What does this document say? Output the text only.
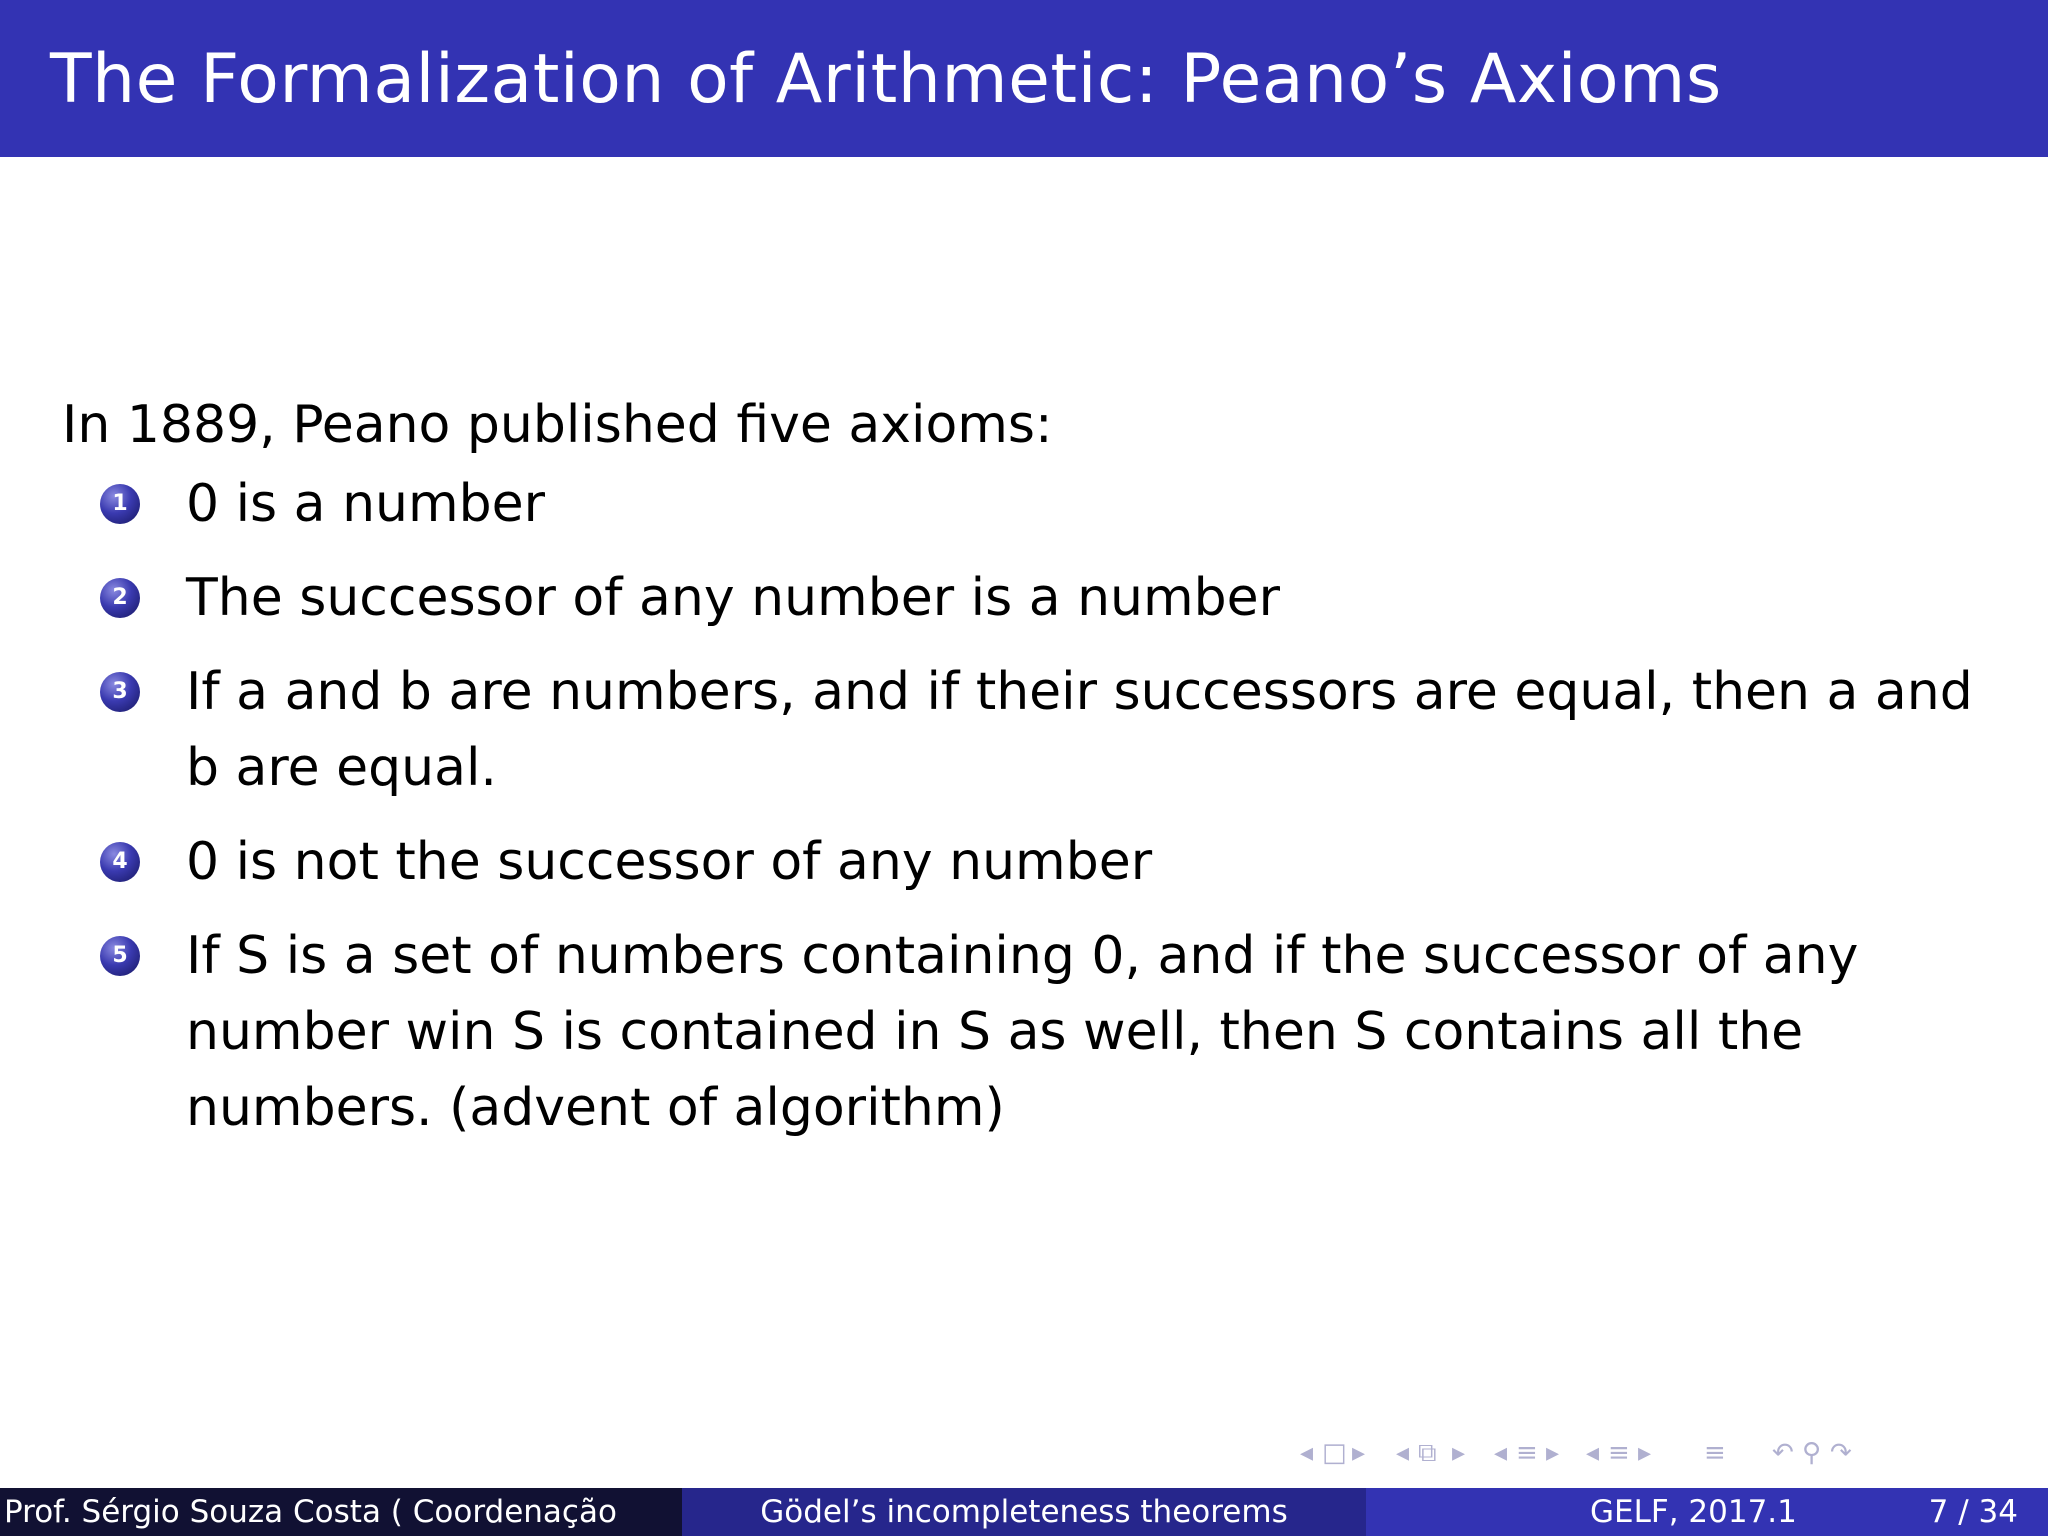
The Formalization of Arithmetic: Peano’s Axioms

In 1889, Peano published five axioms:

1 0 is a number
2 The successor of any number is a number
3 If a and b are numbers, and if their successors are equal, then a and b are equal.
4 0 is not the successor of any number
5 If S is a set of numbers containing 0, and if the successor of any number win S is contained in S as well, then S contains all the numbers. (advent of algorithm)
◂ □ ▸ ◂ ⧉ ▸ ◂ ≡ ▸ ◂ ≡ ▸ ≡ ↶ ⚲ ↷
Prof. Sérgio Souza Costa ( Coordenação	Gödel’s incompleteness theorems	GELF, 2017.1	7 / 34
